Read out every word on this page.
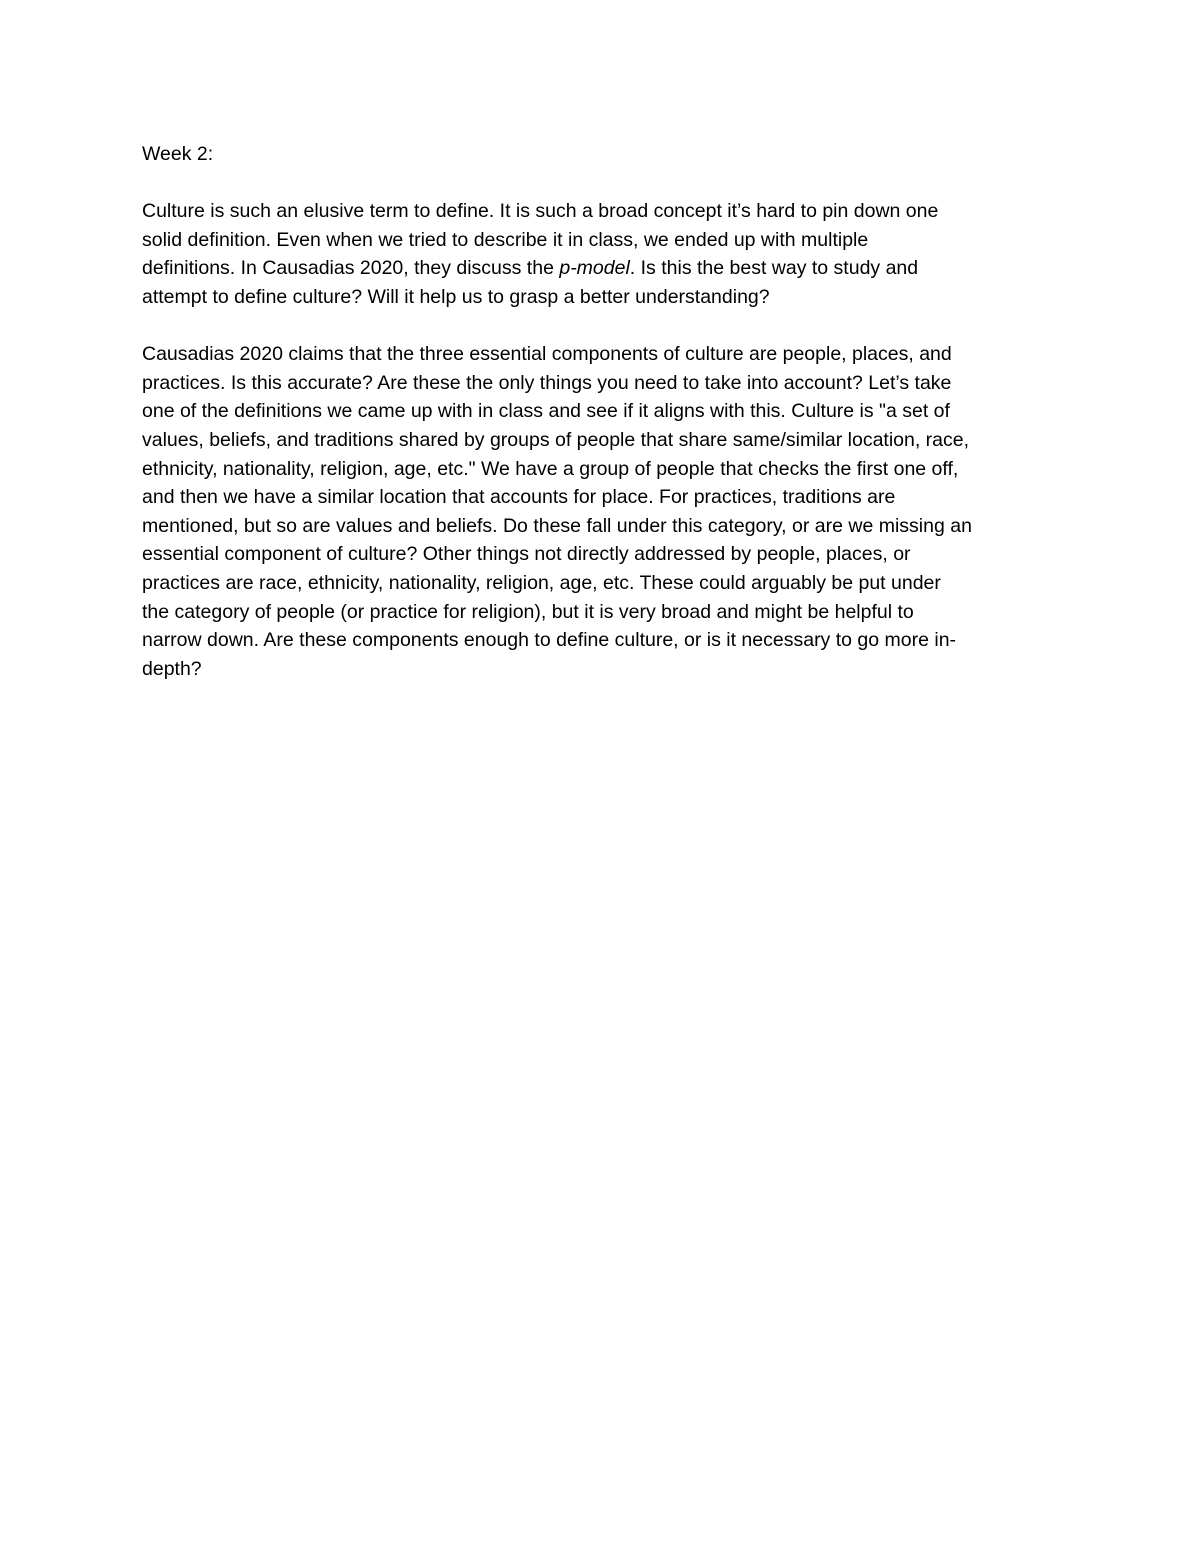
Week 2:
Culture is such an elusive term to define. It is such a broad concept it’s hard to pin down one
solid definition. Even when we tried to describe it in class, we ended up with multiple
definitions. In Causadias 2020, they discuss the p-model. Is this the best way to study and
attempt to define culture? Will it help us to grasp a better understanding?
Causadias 2020 claims that the three essential components of culture are people, places, and
practices. Is this accurate? Are these the only things you need to take into account? Let’s take
one of the definitions we came up with in class and see if it aligns with this. Culture is "a set of
values, beliefs, and traditions shared by groups of people that share same/similar location, race,
ethnicity, nationality, religion, age, etc." We have a group of people that checks the first one off,
and then we have a similar location that accounts for place. For practices, traditions are
mentioned, but so are values and beliefs. Do these fall under this category, or are we missing an
essential component of culture? Other things not directly addressed by people, places, or
practices are race, ethnicity, nationality, religion, age, etc. These could arguably be put under
the category of people (or practice for religion), but it is very broad and might be helpful to
narrow down. Are these components enough to define culture, or is it necessary to go more in-
depth?
